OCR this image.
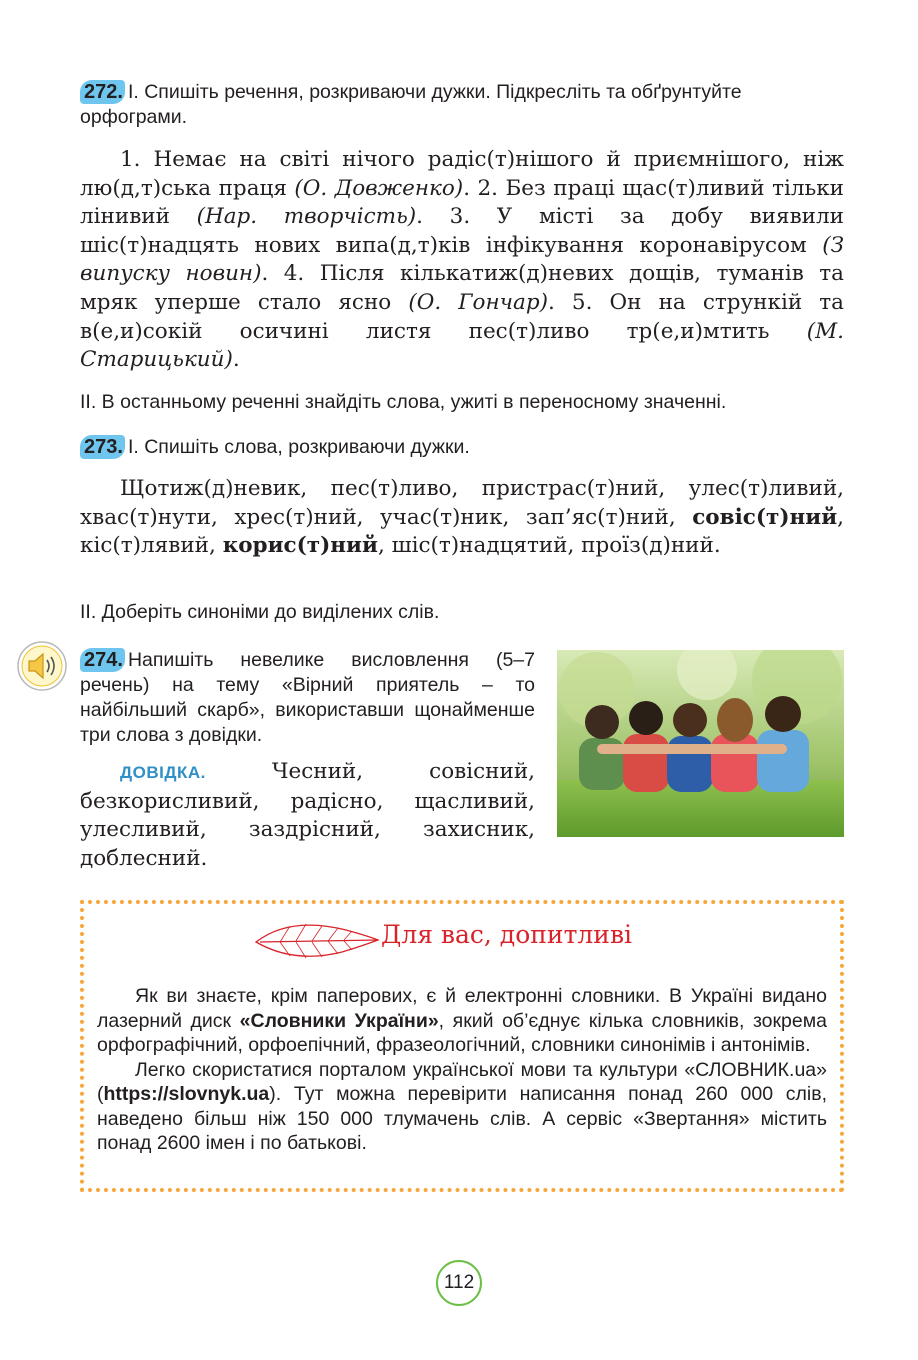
272. І. Спишіть речення, розкриваючи дужки. Підкресліть та обґрунтуйте орфограми.
1. Немає на світі нічого радіс(т)нішого й приємнішого, ніж лю(д,т)ська праця (О. Довженко). 2. Без праці щас(т)ливий тільки лінивий (Нар. творчість). 3. У місті за добу виявили шіс(т)надцять нових випа(д,т)ків інфікування коронавірусом (З випуску новин). 4. Після кількатиж(д)невих дощів, туманів та мряк уперше стало ясно (О. Гончар). 5. Он на стрункій та в(е,и)сокій осичині листя пес(т)ливо тр(е,и)мтить (М. Старицький).
ІІ. В останньому реченні знайдіть слова, ужиті в переносному значенні.
273. І. Спишіть слова, розкриваючи дужки.
Щотиж(д)невик, пес(т)ливо, пристрас(т)ний, улес(т)ливий, хвас(т)нути, хрес(т)ний, учас(т)ник, зап’яс(т)ний, совіс(т)ний, кіс(т)лявий, корис(т)ний, шіс(т)надцятий, проїз(д)ний.
ІІ. Доберіть синоніми до виділених слів.
274. Напишіть невелике висловлення (5–7 речень) на тему «Вірний приятель – то найбільший скарб», використавши щонайменше три слова з довідки.
ДОВІДКА. Чесний, совісний, безкорисливий, радісно, щасливий, улесливий, заздрісний, захисник, доблесний.
Для вас, допитливі

Як ви знаєте, крім паперових, є й електронні словники. В Україні видано лазерний диск «Словники України», який об’єднує кілька словників, зокрема орфографічний, орфоепічний, фразеологічний, словники синонімів і антонімів.

Легко скористатися порталом української мови та культури «СЛОВНИК.ua» (https://slovnyk.ua). Тут можна перевірити написання понад 260 000 слів, наведено більш ніж 150 000 тлумачень слів. А сервіс «Звертання» містить понад 2600 імен і по батькові.

112
